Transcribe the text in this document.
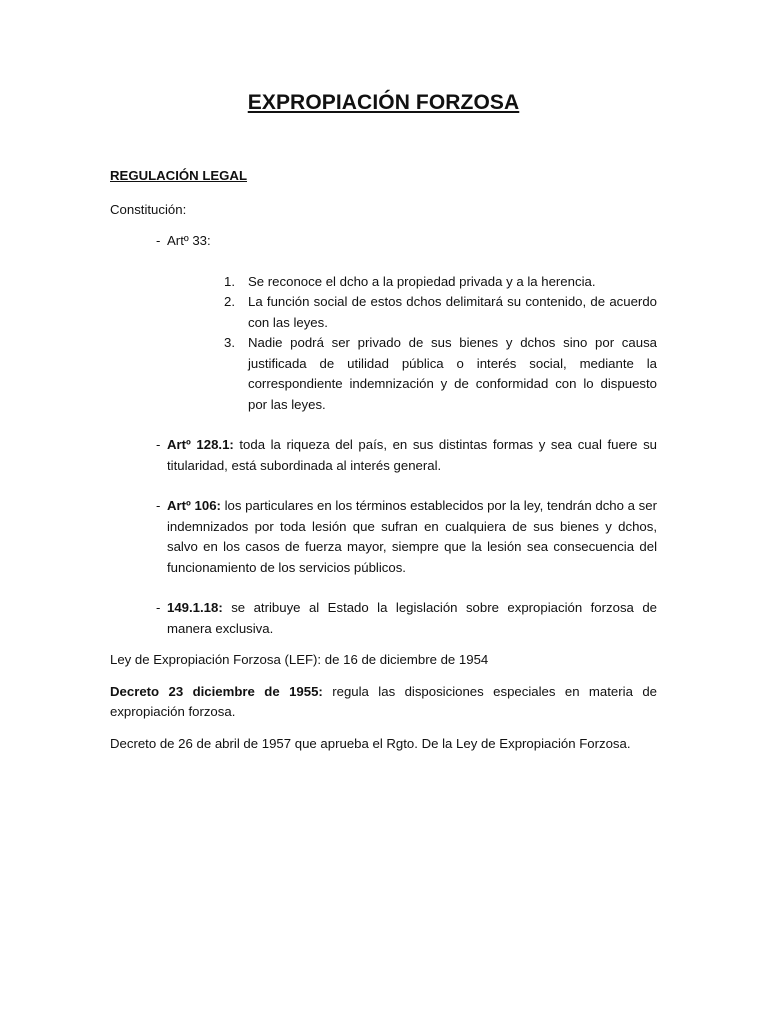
EXPROPIACIÓN FORZOSA
REGULACIÓN LEGAL
Constitución:
- Artº 33:
1. Se reconoce el dcho a la propiedad privada y a la herencia.
2. La función social de estos dchos delimitará su contenido, de acuerdo con las leyes.
3. Nadie podrá ser privado de sus bienes y dchos sino por causa justificada de utilidad pública o interés social, mediante la correspondiente indemnización y de conformidad con lo dispuesto por las leyes.
- Artº 128.1: toda la riqueza del país, en sus distintas formas y sea cual fuere su titularidad, está subordinada al interés general.
- Artº 106: los particulares en los términos establecidos por la ley, tendrán dcho a ser indemnizados por toda lesión que sufran en cualquiera de sus bienes y dchos, salvo en los casos de fuerza mayor, siempre que la lesión sea consecuencia del funcionamiento de los servicios públicos.
- 149.1.18: se atribuye al Estado la legislación sobre expropiación forzosa de manera exclusiva.
Ley de Expropiación Forzosa (LEF): de 16 de diciembre de 1954
Decreto 23 diciembre de 1955: regula las disposiciones especiales en materia de expropiación forzosa.
Decreto de 26 de abril de 1957 que aprueba el Rgto. De la Ley de Expropiación Forzosa.
